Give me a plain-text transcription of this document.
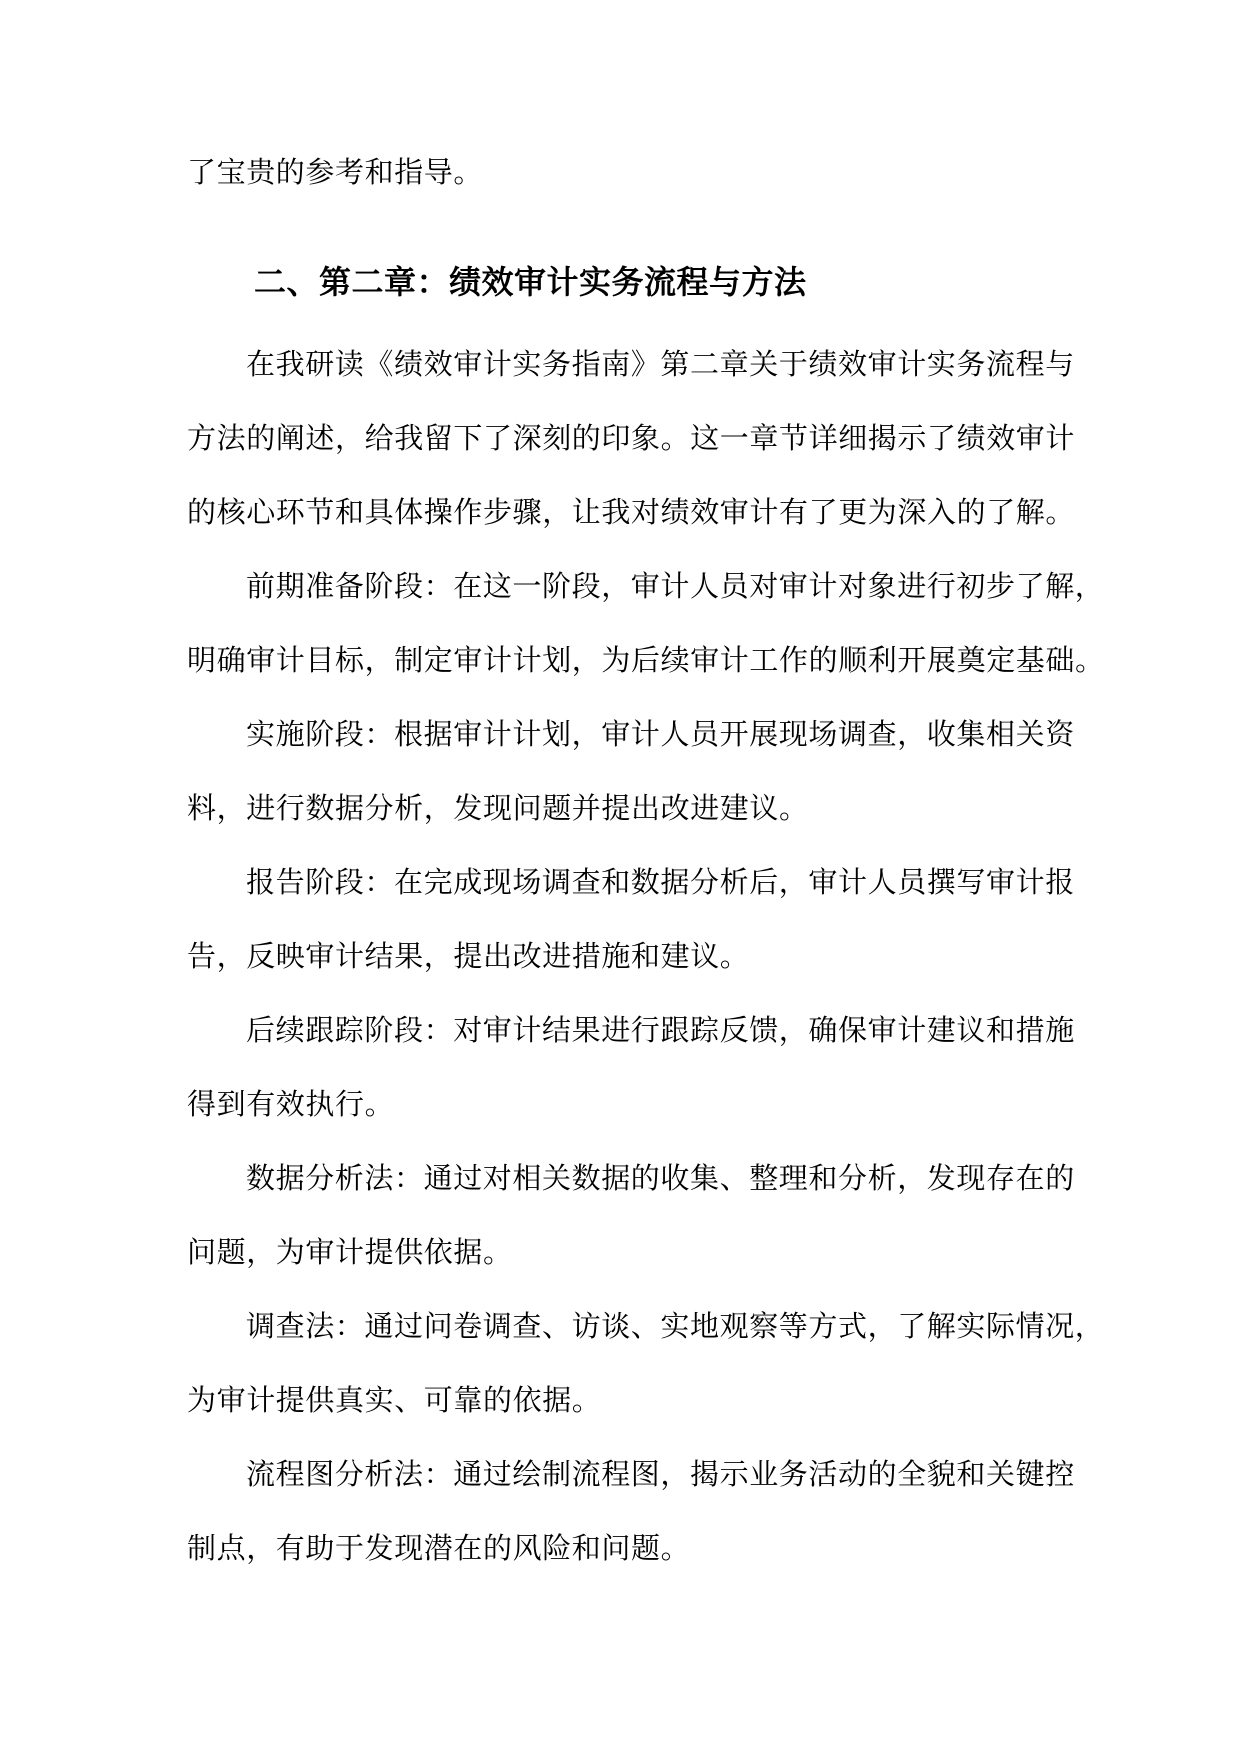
了宝贵的参考和指导。
二、第二章：绩效审计实务流程与方法
在我研读《绩效审计实务指南》第二章关于绩效审计实务流程与
方法的阐述，给我留下了深刻的印象。这一章节详细揭示了绩效审计
的核心环节和具体操作步骤，让我对绩效审计有了更为深入的了解。
前期准备阶段：在这一阶段，审计人员对审计对象进行初步了解，
明确审计目标，制定审计计划，为后续审计工作的顺利开展奠定基础。
实施阶段：根据审计计划，审计人员开展现场调查，收集相关资
料，进行数据分析，发现问题并提出改进建议。
报告阶段：在完成现场调查和数据分析后，审计人员撰写审计报
告，反映审计结果，提出改进措施和建议。
后续跟踪阶段：对审计结果进行跟踪反馈，确保审计建议和措施
得到有效执行。
数据分析法：通过对相关数据的收集、整理和分析，发现存在的
问题，为审计提供依据。
调查法：通过问卷调查、访谈、实地观察等方式，了解实际情况，
为审计提供真实、可靠的依据。
流程图分析法：通过绘制流程图，揭示业务活动的全貌和关键控
制点，有助于发现潜在的风险和问题。
